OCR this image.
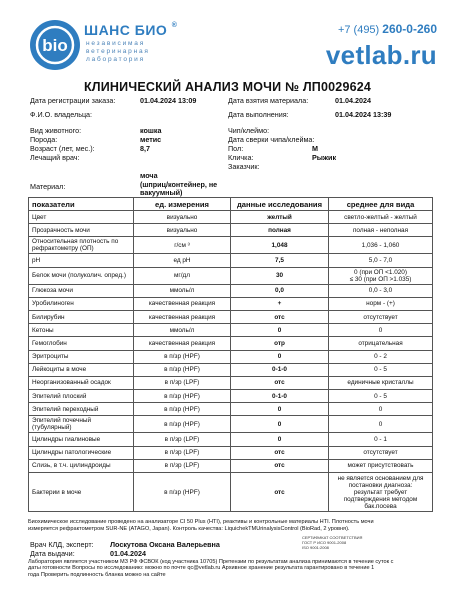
bio
ШАНС БИО ®
независимая
ветеринарная
лаборатория
+7 (495) 260-0-260
vetlab.ru
КЛИНИЧЕСКИЙ АНАЛИЗ МОЧИ № ЛП0029624
Дата регистрации заказа:	01.04.2024 13:09	Дата взятия материала:	01.04.2024
Ф.И.О. владельца:	Дата выполнения:	01.04.2024 13:39
Вид животного:	кошка	Чип/клеймо:
Порода:	метис	Дата сверки чипа/клейма:
Возраст (лет, мес.):	8,7	Пол:	М
Лечащий врач:	Кличка:	Рыжик
Заказчик:
Материал:
моча
(шприц/контейнер, не
вакуумный)
показатели	ед. измерения	данные исследования	среднее для вида

Цвет	визуально	желтый	светло-желтый - желтый

Прозрачность мочи	визуально	полная	полная - неполная

Относительная плотность по
рефрактометру (ОП)	г/см ³	1,048	1,036 - 1,060

pH	ед pH	7,5	5,0 - 7,0

Белок мочи (полуколич. опред.)	мг/дл	30	0 (при ОП <1.020)
≤ 30 (при ОП >1.035)

Глюкоза мочи	ммоль/л	0,0	0,0 - 3,0

Уробилиноген	качественная реакция	+	норм - (+)

Билирубин	качественная реакция	отс	отсутствует

Кетоны	ммоль/л	0	0

Гемоглобин	качественная реакция	отр	отрицательная

Эритроциты	в п/зр (HPF)	0	0 - 2

Лейкоциты в моче	в п/зр (HPF)	0-1-0	0 - 5

Неорганизованный осадок	в п/зр (LPF)	отс	единичные кристаллы

Эпителий плоский	в п/зр (HPF)	0-1-0	0 - 5

Эпителий переходный	в п/зр (HPF)	0	0

Эпителий почечный
(тубулярный)	в п/зр (HPF)	0	0

Цилиндры гиалиновые	в п/зр (LPF)	0	0 - 1

Цилиндры патологические	в п/зр (LPF)	отс	отсутствует

Слизь, в т.ч. цилиндроиды	в п/зр (LPF)	отс	может присутствовать

Бактерии в моче	в п/зр (HPF)	отс	не является основанием для
постановки диагноза:
результат требует
подтверждения методом
бак.посева
Биохимическое исследование проведено на анализаторе CI 50 Plus (HTI), реактивы и контрольные материалы HTI. Плотность мочи
измеряется рефрактометром SUR-NE (ATAGO, Japan). Контроль качества: LiquichekTMUrinalysisControl (BioRad, 2 уровня).
Врач КЛД, эксперт: Лоскутова Оксана Валерьевна
Дата выдачи:	01.04.2024
СЕРТИФИКАТ СООТВЕТСТВИЯ
ГОСТ Р ИСО 9001-2008
ISO 9001:2008
Лаборатория является участником МЗ РФ ФСВОК (код участника 10705) Претензии по результатам анализа принимаются в течение суток с
даты готовности Вопросы по исследованию: можно по почте qc@vetlab.ru Архивное хранение результата гарантировано в течение 1
года Проверить подлинность бланка можно на сайте
